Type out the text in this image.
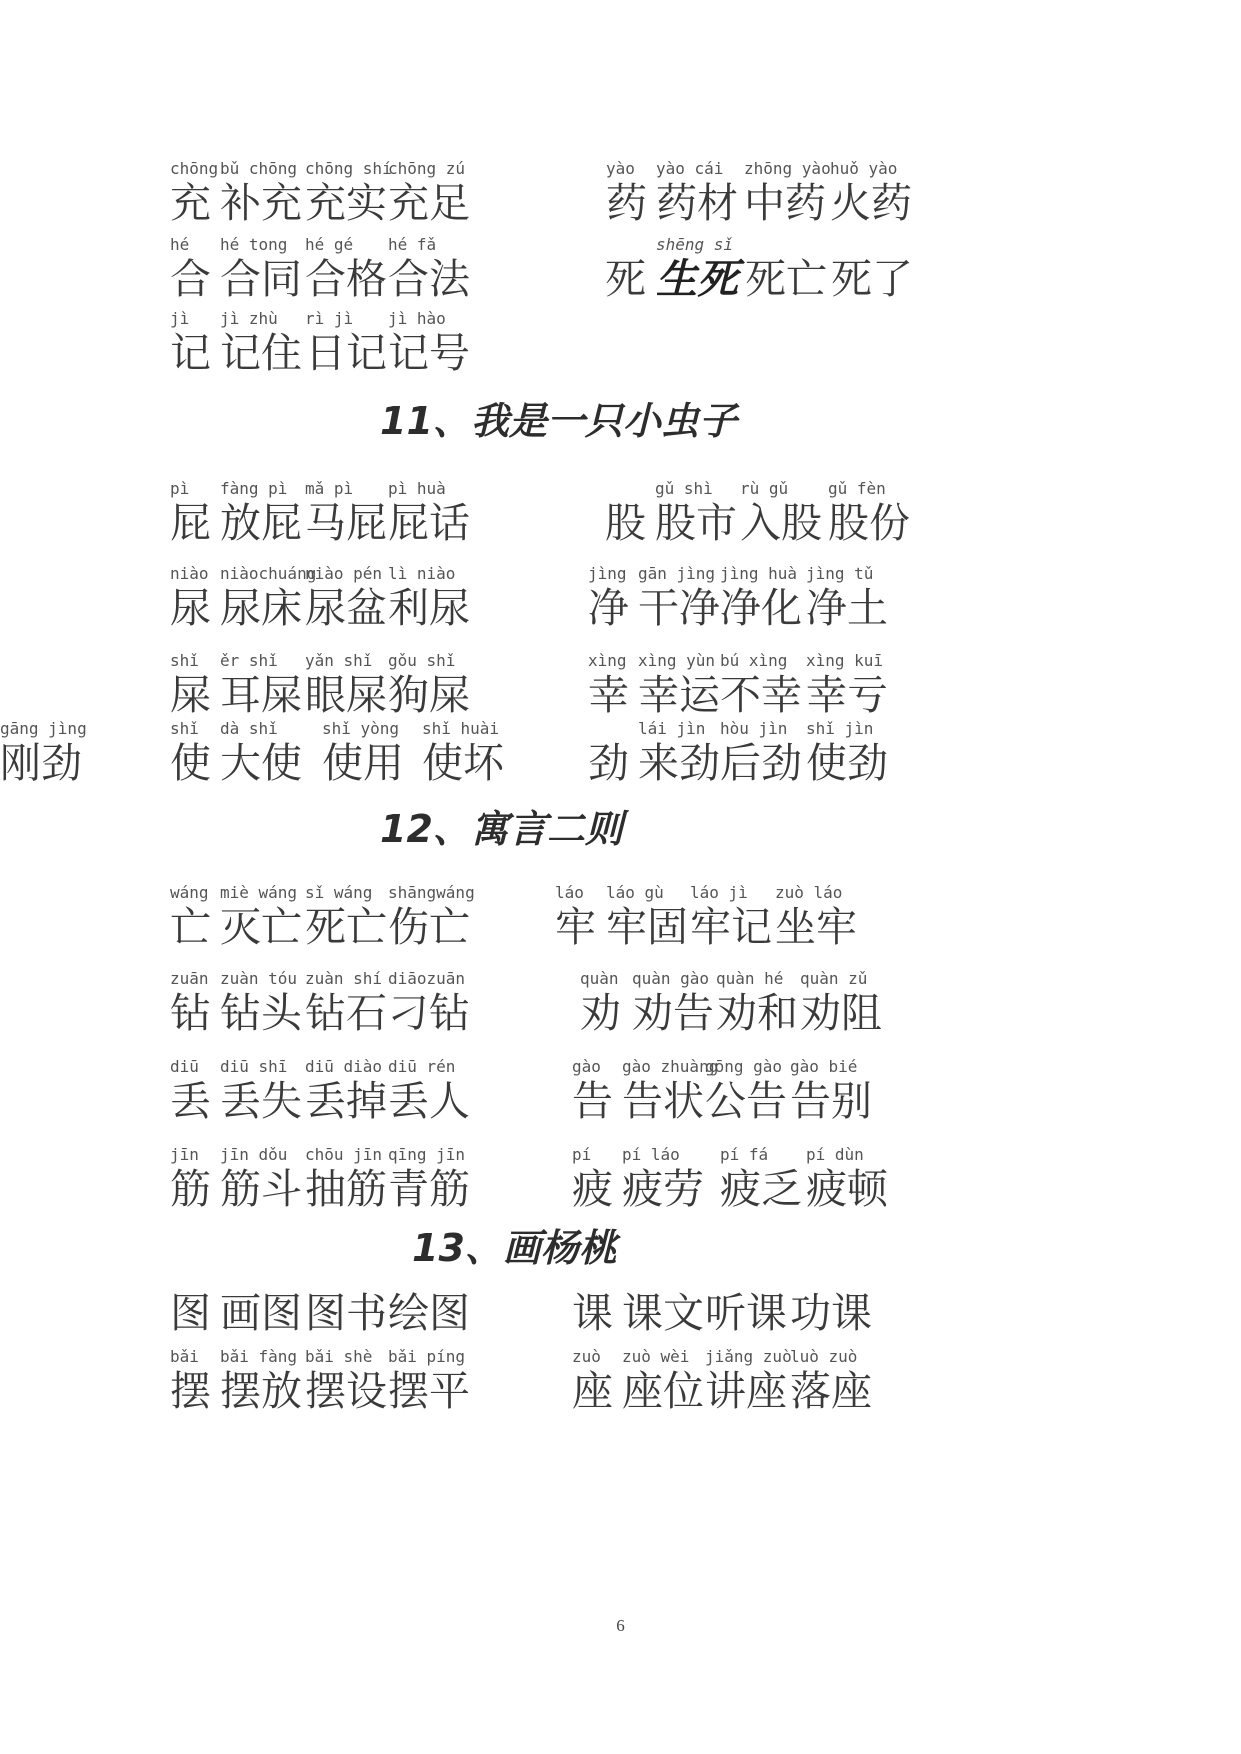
chōng
充
bǔ chōng
补充
chōng shí
充实
chōng zú
充足
yào
药
yào cái
药材
zhōng yào
中药
huǒ yào
火药
hé
合
hé tong
合同
hé gé
合格
hé fǎ
合法	死
shēng sǐ
生死 死亡 死了
jì
记
jì zhù
记住
rì jì
日记
jì hào
记号
11、我是一只小虫子
pì
屁
fàng pì
放屁
mǎ pì
马屁
pì huà
屁话	股
gǔ shì
股市
rù gǔ
入股
gǔ fèn
股份
niào
尿
niàochuáng
尿床
niào pén
尿盆
lì niào
利尿
jìng
净
gān jìng
干净
jìng huà
净化
jìng tǔ
净土
shǐ
屎
ěr shǐ
耳屎
yǎn shǐ
眼屎
gǒu shǐ
狗屎
xìng
幸
xìng yùn
幸运
bú xìng
不幸
xìng kuī
幸亏
shǐ
使
dà shǐ
大使
shǐ yòng
使用
shǐ huài
使坏 劲
lái jìn
来劲
hòu jìn
后劲
shǐ jìn
使劲
gāng jìng
刚劲
12、寓言二则
wáng
亡
miè wáng
灭亡
sǐ wáng
死亡
shāngwáng
伤亡
láo
牢
láo gù
牢固
láo jì
牢记
zuò láo
坐牢
zuān
钻
zuàn tóu
钻头
zuàn shí
钻石
diāozuān
刁钻
quàn
劝
quàn gào
劝告
quàn hé
劝和
quàn zǔ
劝阻
diū
丢
diū shī
丢失
diū diào
丢掉
diū rén
丢人
gào
告
gào zhuàng
告状
gōng gào
公告
gào bié
告别
jīn
筋
jīn dǒu
筋斗
chōu jīn
抽筋
qīng jīn
青筋
pí
疲
pí láo
疲劳
pí fá
疲乏
pí dùn
疲顿
13、画杨桃
图 画图 图书 绘图 课 课文 听课 功课
bǎi
摆
bǎi fàng
摆放
bǎi shè
摆设
bǎi píng
摆平
zuò
座
zuò wèi
座位
jiǎng zuò
讲座
luò zuò
落座
6
